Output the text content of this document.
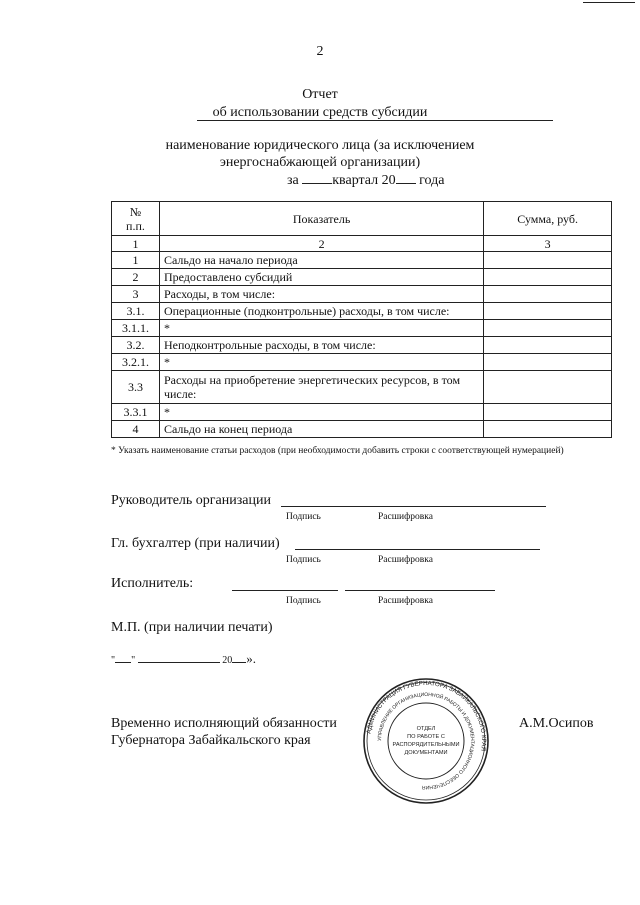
2
Отчет
об использовании средств субсидии
наименование юридического лица (за исключением
энергоснабжающей организации)
за квартал 20 года
№
п.п.	Показатель	Сумма, руб.
1	2	3
1	Сальдо на начало периода	
2	Предоставлено субсидий	
3	Расходы, в том числе:	
3.1.	Операционные (подконтрольные) расходы, в том числе:	
3.1.1.	*	
3.2.	Неподконтрольные расходы, в том числе:	
3.2.1.	*	
3.3	Расходы на приобретение энергетических ресурсов, в том числе:	
3.3.1	*	
4	Сальдо на конец периода	
* Указать наименование статьи расходов (при необходимости добавить строки с соответствующей нумерацией)
Руководитель организации
Подпись	Расшифровка
Гл. бухгалтер (при наличии)
Подпись	Расшифровка
Исполнитель:
Подпись	Расшифровка
М.П. (при наличии печати)
" "	20 ».
Временно исполняющий обязанности
Губернатора Забайкальского края
А.М.Осипов
АДМИНИСТРАЦИЯ ГУБЕРНАТОРА ЗАБАЙКАЛЬСКОГО КРАЯ
УПРАВЛЕНИЕ ОРГАНИЗАЦИОННОЙ РАБОТЫ И ДОКУМЕНТАЦИОННОГО ОБЕСПЕЧЕНИЯ
ОТДЕЛ
ПО РАБОТЕ С
РАСПОРЯДИТЕЛЬНЫМИ
ДОКУМЕНТАМИ
